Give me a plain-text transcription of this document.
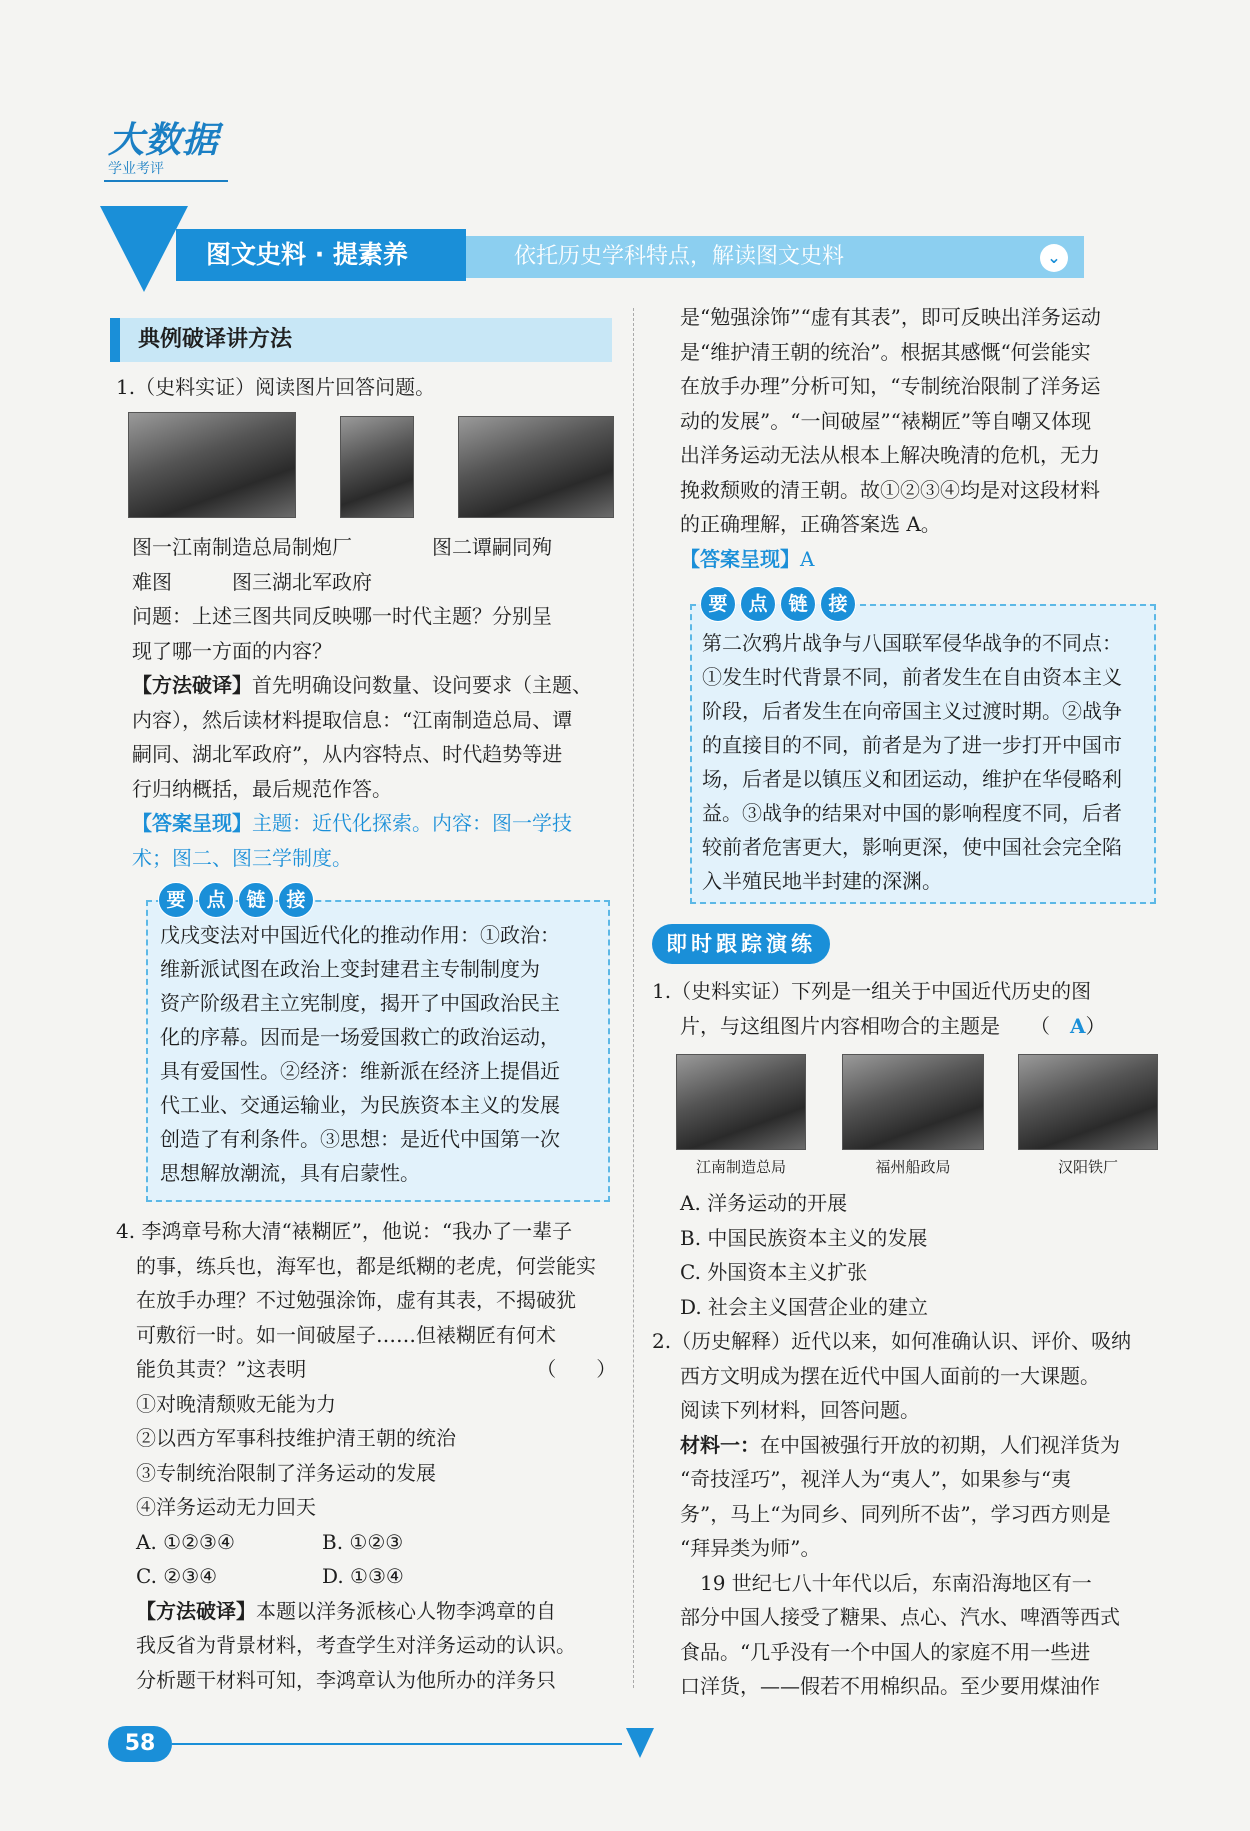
大数据
学业考评
图文史料 · 提素养	依托历史学科特点，解读图文史料	⌄
典例破译讲方法

1.（史料实证）阅读图片回答问题。

图一江南制造总局制炮厂　　　　图二谭嗣同殉

难图　　　图三湖北军政府

问题：上述三图共同反映哪一时代主题？分别呈

现了哪一方面的内容？

【方法破译】首先明确设问数量、设问要求（主题、

内容），然后读材料提取信息：“江南制造总局、谭

嗣同、湖北军政府”，从内容特点、时代趋势等进

行归纳概括，最后规范作答。

【答案呈现】主题：近代化探索。内容：图一学技

术；图二、图三学制度。

戊戌变法对中国近代化的推动作用：①政治：

维新派试图在政治上变封建君主专制制度为

资产阶级君主立宪制度，揭开了中国政治民主

化的序幕。因而是一场爱国救亡的政治运动，

具有爱国性。②经济：维新派在经济上提倡近

代工业、交通运输业，为民族资本主义的发展

创造了有利条件。③思想：是近代中国第一次

思想解放潮流，具有启蒙性。

要	点	链	接

4. 李鸿章号称大清“裱糊匠”，他说：“我办了一辈子

的事，练兵也，海军也，都是纸糊的老虎，何尝能实

在放手办理？不过勉强涂饰，虚有其表，不揭破犹

可敷衍一时。如一间破屋子……但裱糊匠有何术

能负其责？”这表明　　　　　　　　　　　　（　　）

①对晚清颓败无能为力

②以西方军事科技维护清王朝的统治

③专制统治限制了洋务运动的发展

④洋务运动无力回天

A. ①②③④	B. ①②③

C. ②③④	D. ①③④

【方法破译】本题以洋务派核心人物李鸿章的自

我反省为背景材料，考查学生对洋务运动的认识。

分析题干材料可知，李鸿章认为他所办的洋务只

是“勉强涂饰”“虚有其表”，即可反映出洋务运动

是“维护清王朝的统治”。根据其感慨“何尝能实

在放手办理”分析可知，“专制统治限制了洋务运

动的发展”。“一间破屋”“裱糊匠”等自嘲又体现

出洋务运动无法从根本上解决晚清的危机，无力

挽救颓败的清王朝。故①②③④均是对这段材料

的正确理解，正确答案选 A。

【答案呈现】A

第二次鸦片战争与八国联军侵华战争的不同点：

①发生时代背景不同，前者发生在自由资本主义

阶段，后者发生在向帝国主义过渡时期。②战争

的直接目的不同，前者是为了进一步打开中国市

场，后者是以镇压义和团运动，维护在华侵略利

益。③战争的结果对中国的影响程度不同，后者

较前者危害更大，影响更深，使中国社会完全陷

入半殖民地半封建的深渊。

要	点	链	接
即时跟踪演练

1.（史料实证）下列是一组关于中国近代历史的图

片，与这组图片内容相吻合的主题是　　（　A）

江南制造总局	福州船政局	汉阳铁厂

A. 洋务运动的开展

B. 中国民族资本主义的发展

C. 外国资本主义扩张

D. 社会主义国营企业的建立

2.（历史解释）近代以来，如何准确认识、评价、吸纳

西方文明成为摆在近代中国人面前的一大课题。

阅读下列材料，回答问题。

材料一：在中国被强行开放的初期，人们视洋货为

“奇技淫巧”，视洋人为“夷人”，如果参与“夷

务”，马上“为同乡、同列所不齿”，学习西方则是

“拜异类为师”。

　19 世纪七八十年代以后，东南沿海地区有一

部分中国人接受了糖果、点心、汽水、啤酒等西式

食品。“几乎没有一个中国人的家庭不用一些进

口洋货，——假若不用棉织品。至少要用煤油作

58
